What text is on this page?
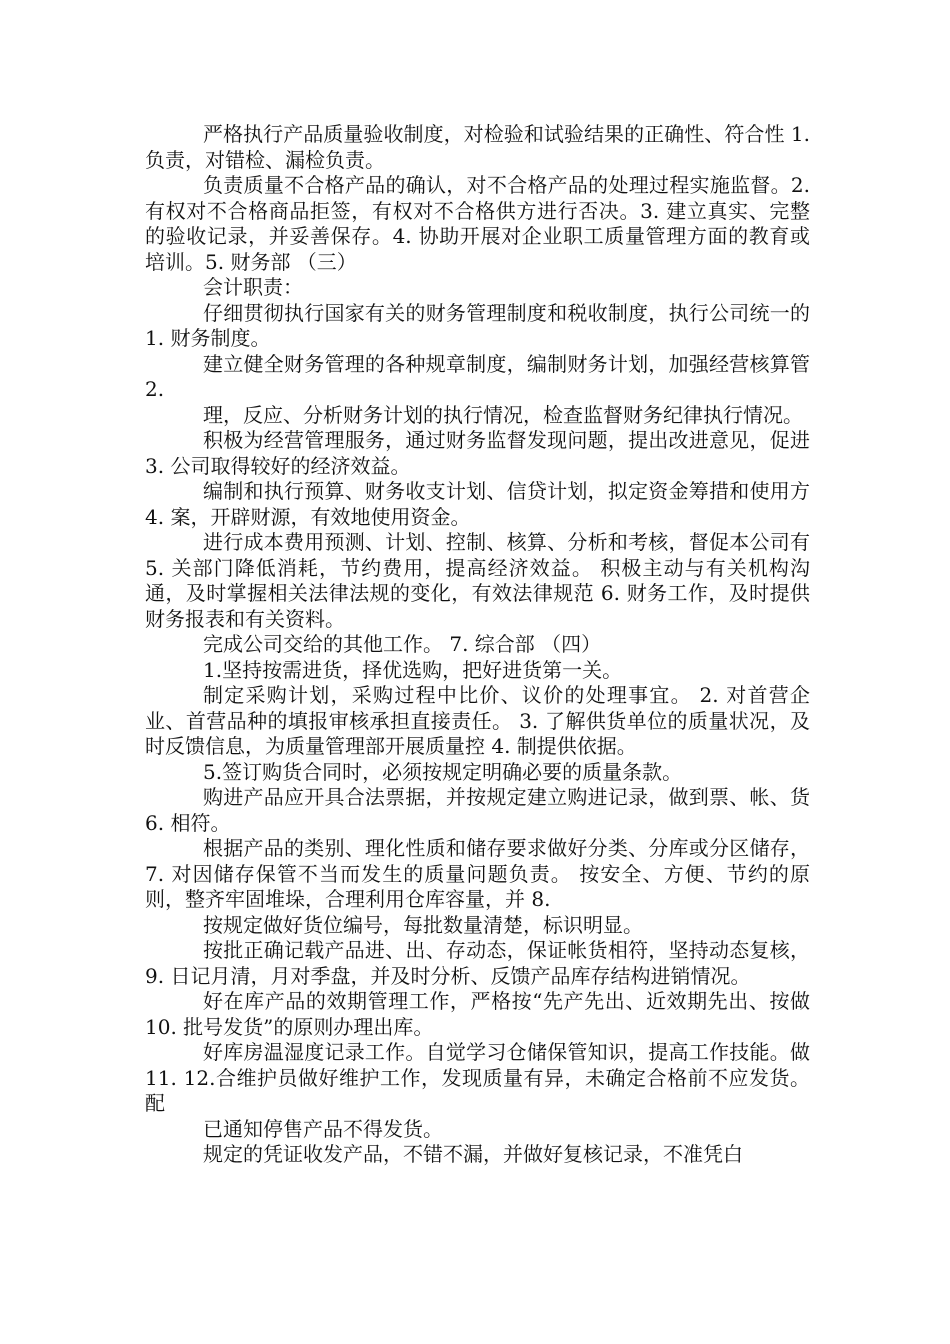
严格执行产品质量验收制度，对检验和试验结果的正确性、符合性 1. 负责，对错检、漏检负责。

负责质量不合格产品的确认，对不合格产品的处理过程实施监督。2. 有权对不合格商品拒签，有权对不合格供方进行否决。3. 建立真实、完整的验收记录，并妥善保存。4. 协助开展对企业职工质量管理方面的教育或培训。5. 财务部 （三）

会计职责：

仔细贯彻执行国家有关的财务管理制度和税收制度，执行公司统一的 1. 财务制度。

建立健全财务管理的各种规章制度，编制财务计划，加强经营核算管 2.

理，反应、分析财务计划的执行情况，检查监督财务纪律执行情况。

积极为经营管理服务，通过财务监督发现问题，提出改进意见，促进 3. 公司取得较好的经济效益。

编制和执行预算、财务收支计划、信贷计划，拟定资金筹措和使用方 4. 案，开辟财源，有效地使用资金。

进行成本费用预测、计划、控制、核算、分析和考核，督促本公司有 5. 关部门降低消耗，节约费用，提高经济效益。 积极主动与有关机构沟通，及时掌握相关法律法规的变化，有效法律规范 6. 财务工作，及时提供财务报表和有关资料。

完成公司交给的其他工作。 7. 综合部 （四）

1.坚持按需进货，择优选购，把好进货第一关。

制定采购计划，采购过程中比价、议价的处理事宜。 2. 对首营企业、首营品种的填报审核承担直接责任。 3. 了解供货单位的质量状况，及时反馈信息，为质量管理部开展质量控 4. 制提供依据。

5.签订购货合同时，必须按规定明确必要的质量条款。

购进产品应开具合法票据，并按规定建立购进记录，做到票、帐、货 6. 相符。

根据产品的类别、理化性质和储存要求做好分类、分库或分区储存， 7. 对因储存保管不当而发生的质量问题负责。 按安全、方便、节约的原则，整齐牢固堆垛，合理利用仓库容量，并 8.

按规定做好货位编号，每批数量清楚，标识明显。

按批正确记载产品进、出、存动态，保证帐货相符，坚持动态复核， 9. 日记月清，月对季盘，并及时分析、反馈产品库存结构进销情况。

好在库产品的效期管理工作，严格按“先产先出、近效期先出、按做 10. 批号发货”的原则办理出库。

好库房温湿度记录工作。自觉学习仓储保管知识，提高工作技能。做 11. 12.合维护员做好维护工作，发现质量有异，未确定合格前不应发货。配

已通知停售产品不得发货。

规定的凭证收发产品，不错不漏，并做好复核记录，不准凭白
